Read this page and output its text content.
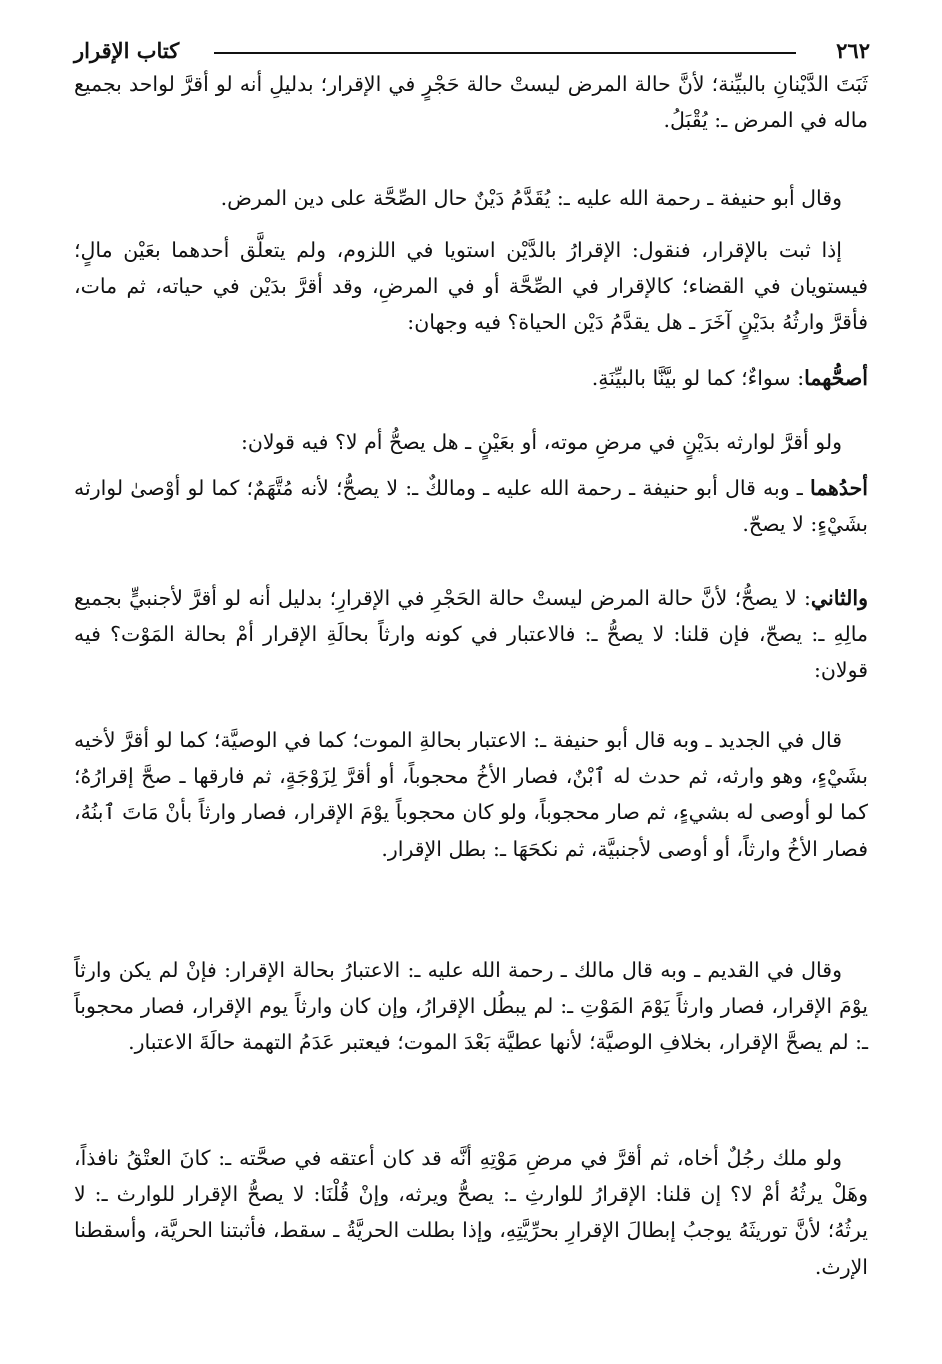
٢٦٢
كتاب الإقرار

ثَبَتَ الدَّيْنانِ بالبيِّنة؛ لأنَّ حالة المرض ليستْ حالة حَجْرٍ في الإقرار؛ بدليلِ أنه لو أقرَّ لواحد بجميع ماله في المرض ـ: يُقْبَلُ.

وقال أبو حنيفة ـ رحمة الله عليه ـ: يُقَدَّمُ دَيْنٌ حال الصِّحَّة على دين المرض.

إذا ثبت بالإقرار، فنقول: الإقرارُ بالدَّيْن استويا في اللزوم، ولم يتعلَّق أحدهما بعَيْن مالٍ؛ فيستويان في القضاء؛ كالإقرار في الصِّحَّة أو في المرضِ، وقد أقرَّ بدَيْن في حياته، ثم مات، فأقرَّ وارثُهُ بدَيْنٍ آخَرَ ـ هل يقدَّمُ دَيْن الحياة؟ فيه وجهان:

أصحُّهما: سواءٌ؛ كما لو بيَّنَّا بالبيِّنَةِ.

ولو أقرَّ لوارثه بدَيْنٍ في مرضِ موته، أو بعَيْنٍ ـ هل يصحُّ أم لا؟ فيه قولان:

أحدُهما ـ وبه قال أبو حنيفة ـ رحمة الله عليه ـ ومالكٌ ـ: لا يصحُّ؛ لأنه مُتَّهَمٌ؛ كما لو أوْصىٰ لوارثه بشَيْءٍ: لا يصحّ.

والثاني: لا يصحُّ؛ لأنَّ حالة المرض ليستْ حالة الحَجْرِ في الإقرارِ؛ بدليل أنه لو أقرَّ لأجنبيٍّ بجميع مالِهِ ـ: يصحّ، فإن قلنا: لا يصحُّ ـ: فالاعتبار في كونه وارثاً بحالَةِ الإقرار أمْ بحالة المَوْت؟ فيه قولان:

قال في الجديد ـ وبه قال أبو حنيفة ـ: الاعتبار بحالةِ الموت؛ كما في الوصيَّة؛ كما لو أقرَّ لأخيه بشَيْءٍ، وهو وارثه، ثم حدث له ٱبْنٌ، فصار الأخُ محجوباً، أو أقرَّ لِزَوْجَةٍ، ثم فارقها ـ صحَّ إقرارُهُ؛ كما لو أوصى له بشيءٍ، ثم صار محجوباً، ولو كان محجوباً يوْمَ الإقرار، فصار وارثاً بأنْ مَاتَ ٱبنُهُ، فصار الأخُ وارثاً، أو أوصى لأجنبيَّة، ثم نكحَهَا ـ: بطل الإقرار.

وقال في القديم ـ وبه قال مالك ـ رحمة الله عليه ـ: الاعتبارُ بحالة الإقرار: فإنْ لم يكن وارثاً يوْمَ الإقرار، فصار وارثاً يَوْمَ المَوْتِ ـ: لم يبطُل الإقرارُ، وإن كان وارثاً يوم الإقرار، فصار محجوباً ـ: لم يصحَّ الإقرار، بخلافِ الوصيَّة؛ لأنها عطيَّة بَعْدَ الموت؛ فيعتبر عَدَمُ التهمة حالَةَ الاعتبار.

ولو ملك رجُلٌ أخاه، ثم أقرَّ في مرضِ مَوْتِهِ أنَّه قد كان أعتقه في صحَّته ـ: كانَ العتْقُ نافذاً، وهَلْ يرثُهُ أمْ لا؟ إن قلنا: الإقرارُ للوارثِ ـ: يصحُّ ويرثه، وإنْ قُلْنَا: لا يصحُّ الإقرار للوارث ـ: لا يرثُهُ؛ لأنَّ توريثَهُ يوجبُ إبطالَ الإقرارِ بحرِّيَّتِهِ، وإذا بطلت الحريَّةُ ـ سقط، فأثبتنا الحريَّة، وأسقطنا الإرث.
